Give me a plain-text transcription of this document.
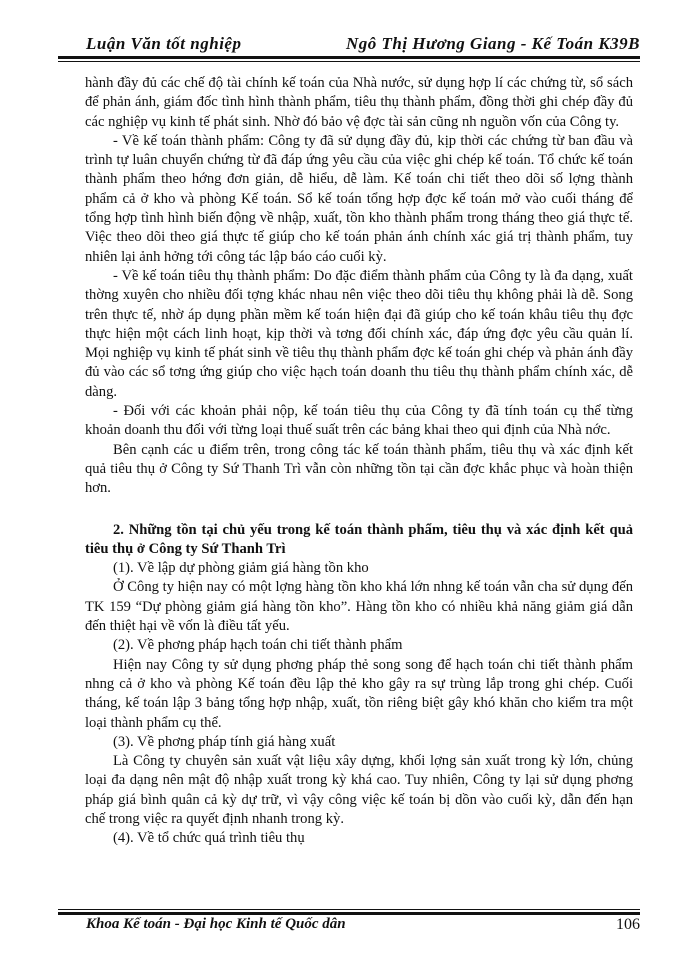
Luận Văn tốt nghiệp	Ngô Thị Hương Giang - Kế Toán K39B

hành đầy đủ các chế độ tài chính kế toán của Nhà nước, sử dụng hợp lí các chứng từ, sổ sách để phản ánh, giám đốc tình hình thành phẩm, tiêu thụ thành phẩm, đồng thời ghi chép đầy đủ các nghiệp vụ kinh tế phát sinh. Nhờ đó bảo vệ đợc tài sản cũng nh nguồn vốn của Công ty.

- Về kế toán thành phẩm: Công ty đã sử dụng đầy đủ, kịp thời các chứng từ ban đầu và trình tự luân chuyển chứng từ đã đáp ứng yêu cầu của việc ghi chép kế toán. Tổ chức kế toán thành phẩm theo hớng đơn giản, dễ hiểu, dễ làm. Kế toán chi tiết theo dõi số lợng thành phẩm cả ở kho và phòng Kế toán. Sổ kế toán tổng hợp đợc kế toán mở vào cuối tháng để tổng hợp tình hình biến động về nhập, xuất, tồn kho thành phẩm trong tháng theo giá thực tế. Việc theo dõi theo giá thực tế giúp cho kế toán phản ánh chính xác giá trị thành phẩm, tuy nhiên lại ảnh hởng tới công tác lập báo cáo cuối kỳ.

- Về kế toán tiêu thụ thành phẩm: Do đặc điểm thành phẩm của Công ty là đa dạng, xuất thờng xuyên cho nhiều đối tợng khác nhau nên việc theo dõi tiêu thụ không phải là dễ. Song trên thực tế, nhờ áp dụng phần mềm kế toán hiện đại đã giúp cho kế toán khâu tiêu thụ đợc thực hiện một cách linh hoạt, kịp thời và tơng đối chính xác, đáp ứng đợc yêu cầu quản lí. Mọi nghiệp vụ kinh tế phát sinh về tiêu thụ thành phẩm đợc kế toán ghi chép và phản ánh đầy đủ vào các sổ tơng ứng giúp cho việc hạch toán doanh thu tiêu thụ thành phẩm chính xác, dễ dàng.

- Đối với các khoản phải nộp, kế toán tiêu thụ của Công ty đã tính toán cụ thể từng khoản doanh thu đối với từng loại thuế suất trên các bảng khai theo qui định của Nhà nớc.

Bên cạnh các u điểm trên, trong công tác kế toán thành phẩm, tiêu thụ và xác định kết quả tiêu thụ ở Công ty Sứ Thanh Trì vẫn còn những tồn tại cần đợc khắc phục và hoàn thiện hơn.

2. Những tồn tại chủ yếu trong kế toán thành phẩm, tiêu thụ và xác định kết quả tiêu thụ ở Công ty Sứ Thanh Trì

(1). Về lập dự phòng giảm giá hàng tồn kho

Ở Công ty hiện nay có một lợng hàng tồn kho khá lớn nhng kế toán vẫn cha sử dụng đến TK 159 “Dự phòng giảm giá hàng tồn kho”. Hàng tồn kho có nhiều khả năng giảm giá dẫn đến thiệt hại về vốn là điều tất yếu.

(2). Về phơng pháp hạch toán chi tiết thành phẩm

Hiện nay Công ty sử dụng phơng pháp thẻ song song để hạch toán chi tiết thành phẩm nhng cả ở kho và phòng Kế toán đều lập thẻ kho gây ra sự trùng lắp trong ghi chép. Cuối tháng, kế toán lập 3 bảng tổng hợp nhập, xuất, tồn riêng biệt gây khó khăn cho kiểm tra một loại thành phẩm cụ thể.

(3). Về phơng pháp tính giá hàng xuất

Là Công ty chuyên sản xuất vật liệu xây dựng, khối lợng sản xuất trong kỳ lớn, chủng loại đa dạng nên mật độ nhập xuất trong kỳ khá cao. Tuy nhiên, Công ty lại sử dụng phơng pháp giá bình quân cả kỳ dự trữ, vì vậy công việc kế toán bị dồn vào cuối kỳ, dẫn đến hạn chế trong việc ra quyết định nhanh trong kỳ.

(4). Về tổ chức quá trình tiêu thụ

Khoa Kế toán - Đại học Kinh tế Quốc dân	106
